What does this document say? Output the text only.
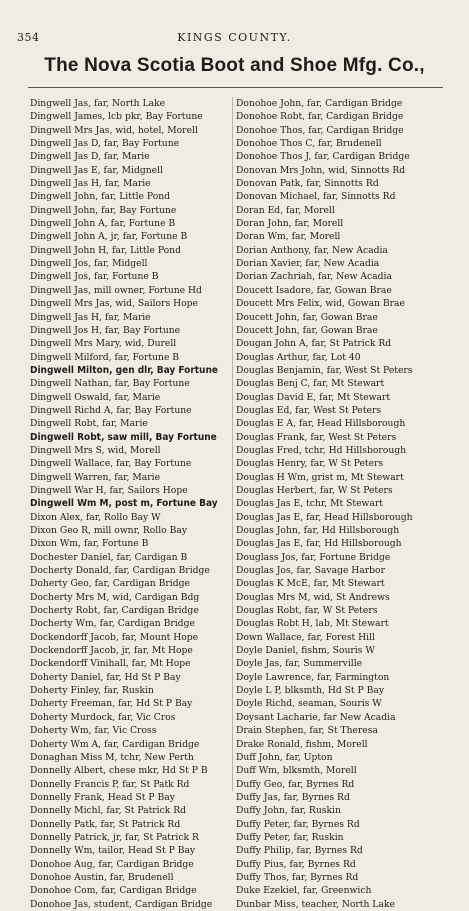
354	KINGS COUNTY.
The Nova Scotia Boot and Shoe Mfg. Co.,
Dingwell Jas, far, North Lake
Dingwell James, lcb pkr, Bay Fortune
Dingwell Mrs Jas, wid, hotel, Morell
Dingwell Jas D, far, Bay Fortune
Dingwell Jas D, far, Marie
Dingwell Jas E, far, Midgnell
Dingwell Jas H, far, Marie
Dingwell John, far, Little Pond
Dingwell John, far, Bay Fortune
Dingwell John A, far, Fortune B
Dingwell John A, jr, far, Fortune B
Dingwell John H, far, Little Pond
Dingwell Jos, far, Midgell
Dingwell Jos, far, Fortune B
Dingwell Jas, mill owner, Fortune Hd
Dingwell Mrs Jas, wid, Sailors Hope
Dingwell Jas H, far, Marie
Dingwell Jos H, far, Bay Fortune
Dingwell Mrs Mary, wid, Durell
Dingwell Milford, far, Fortune B
Dingwell Milton, gen dlr, Bay Fortune
Dingwell Nathan, far, Bay Fortune
Dingwell Oswald, far, Marie
Dingwell Richd A, far, Bay Fortune
Dingwell Robt, far, Marie
Dingwell Robt, saw mill, Bay Fortune
Dingwell Mrs S, wid, Morell
Dingwell Wallace, far, Bay Fortune
Dingwell Warren, far, Marie
Dingwell War H, far, Sailors Hope
Dingwell Wm M, post m, Fortune Bay
Dixon Alex, far, Rollo Bay W
Dixon Geo R, mill ownr, Rollo Bay
Dixon Wm, far, Fortune B
Dochester Daniel, far, Cardigan B
Docherty Donald, far, Cardigan Bridge
Doherty Geo, far, Cardigan Bridge
Docherty Mrs M, wid, Cardigan Bdg
Docherty Robt, far, Cardigan Bridge
Docherty Wm, far, Cardigan Bridge
Dockendorff Jacob, far, Mount Hope
Dockendorff Jacob, jr, far, Mt Hope
Dockendorff Vinihall, far, Mt Hope
Doherty Daniel, far, Hd St P Bay
Doherty Finley, far, Ruskin
Doherty Freeman, far, Hd St P Bay
Doherty Murdock, far, Vic Cros
Doherty Wm, far, Vic Cross
Doherty Wm A, far, Cardigan Bridge
Donaghan Miss M, tchr, New Perth
Donnelly Albert, chese mkr, Hd St P B
Donnelly Francis P, far, St Patk Rd
Donnelly Frank, Head St P Bay
Donnelly Michl, far, St Patrick Rd
Donnelly Patk, far, St Patrick Rd
Donnelly Patrick, jr, far, St Patrick R
Donnelly Wm, tailor, Head St P Bay
Donohoe Aug, far, Cardigan Bridge
Donohoe Austin, far, Brudenell
Donohoe Com, far, Cardigan Bridge
Donohoe Jas, student, Cardigan Bridge
Donohoe John, far, Cardigan Bridge
Donohoe Robt, far, Cardigan Bridge
Donohoe Thos, far, Cardigan Bridge
Donohoe Thos C, far, Brudenell
Donohoe Thos J, far, Cardigan Bridge
Donovan Mrs John, wid, Sinnotts Rd
Donovan Patk, far, Sinnotts Rd
Donovan Michael, far, Sinnotts Rd
Doran Ed, far, Morell
Doran John, far, Morell
Doran Wm, far, Morell
Dorian Anthony, far, New Acadia
Dorian Xavier, far, New Acadia
Dorian Zachriah, far, New Acadia
Doucett Isadore, far, Gowan Brae
Doucett Mrs Felix, wid, Gowan Brae
Doucett John, far, Gowan Brae
Doucett John, far, Gowan Brae
Dougan John A, far, St Patrick Rd
Douglas Arthur, far, Lot 40
Douglas Benjamin, far, West St Peters
Douglas Benj C, far, Mt Stewart
Douglas David E, far, Mt Stewart
Douglas Ed, far, West St Peters
Douglas E A, far, Head Hillsborough
Douglas Frank, far, West St Peters
Douglas Fred, tchr, Hd Hillsborough
Douglas Henry, far, W St Peters
Douglas H Wm, grist m, Mt Stewart
Douglas Herbert, far, W St Peters
Douglas Jas E, tchr, Mt Stewart
Douglas Jas E, far, Head Hillsborough
Douglas John, far, Hd Hillsborough
Douglas Jas E, far, Hd Hillsborough
Douglass Jos, far, Fortune Bridge
Douglas Jos, far, Savage Harbor
Douglas K McE, far, Mt Stewart
Douglas Mrs M, wid, St Andrews
Douglas Robt, far, W St Peters
Douglas Robt H, lab, Mt Stewart
Down Wallace, far, Forest Hill
Doyle Daniel, fishm, Souris W
Doyle Jas, far, Summerville
Doyle Lawrence, far, Farmington
Doyle L P, blksmth, Hd St P Bay
Doyle Richd, seaman, Souris W
Doysant Lacharie, far New Acadia
Drain Stephen, far, St Theresa
Drake Ronald, fishm, Morell
Duff John, far, Upton
Duff Wm, blksmth, Morell
Duffy Geo, far, Byrnes Rd
Duffy Jas, far, Byrnes Rd
Duffy John, far, Ruskin
Duffy Peter, far, Byrnes Rd
Duffy Peter, far, Ruskin
Duffy Philip, far, Byrnes Rd
Duffy Pius, far, Byrnes Rd
Duffy Thos, far, Byrnes Rd
Duke Ezekiel, far, Greenwich
Dunbar Miss, teacher, North Lake
